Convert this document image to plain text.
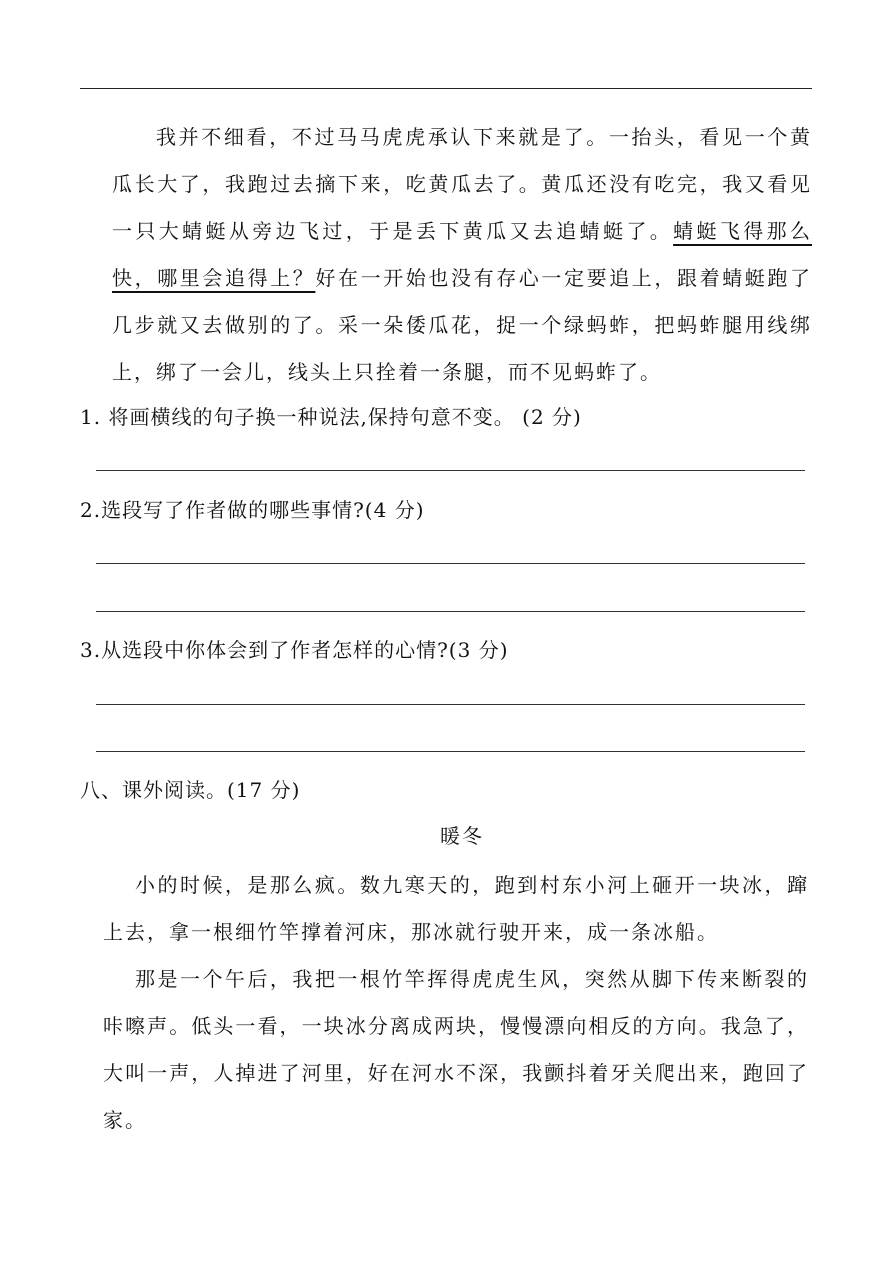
我并不细看，不过马马虎虎承认下来就是了。一抬头，看见一个黄瓜长大了，我跑过去摘下来，吃黄瓜去了。黄瓜还没有吃完，我又看见一只大蜻蜓从旁边飞过，于是丢下黄瓜又去追蜻蜓了。蜻蜓飞得那么快，哪里会追得上？好在一开始也没有存心一定要追上，跟着蜻蜓跑了几步就又去做别的了。采一朵倭瓜花，捉一个绿蚂蚱，把蚂蚱腿用线绑上，绑了一会儿，线头上只拴着一条腿，而不见蚂蚱了。
1. 将画横线的句子换一种说法,保持句意不变。 (2 分)
2.选段写了作者做的哪些事情?(4 分)
3.从选段中你体会到了作者怎样的心情?(3 分)
八、课外阅读。(17 分)
暖冬

小的时候，是那么疯。数九寒天的，跑到村东小河上砸开一块冰，蹿上去，拿一根细竹竿撑着河床，那冰就行驶开来，成一条冰船。

那是一个午后，我把一根竹竿挥得虎虎生风，突然从脚下传来断裂的咔嚓声。低头一看，一块冰分离成两块，慢慢漂向相反的方向。我急了，大叫一声，人掉进了河里，好在河水不深，我颤抖着牙关爬出来，跑回了家。
